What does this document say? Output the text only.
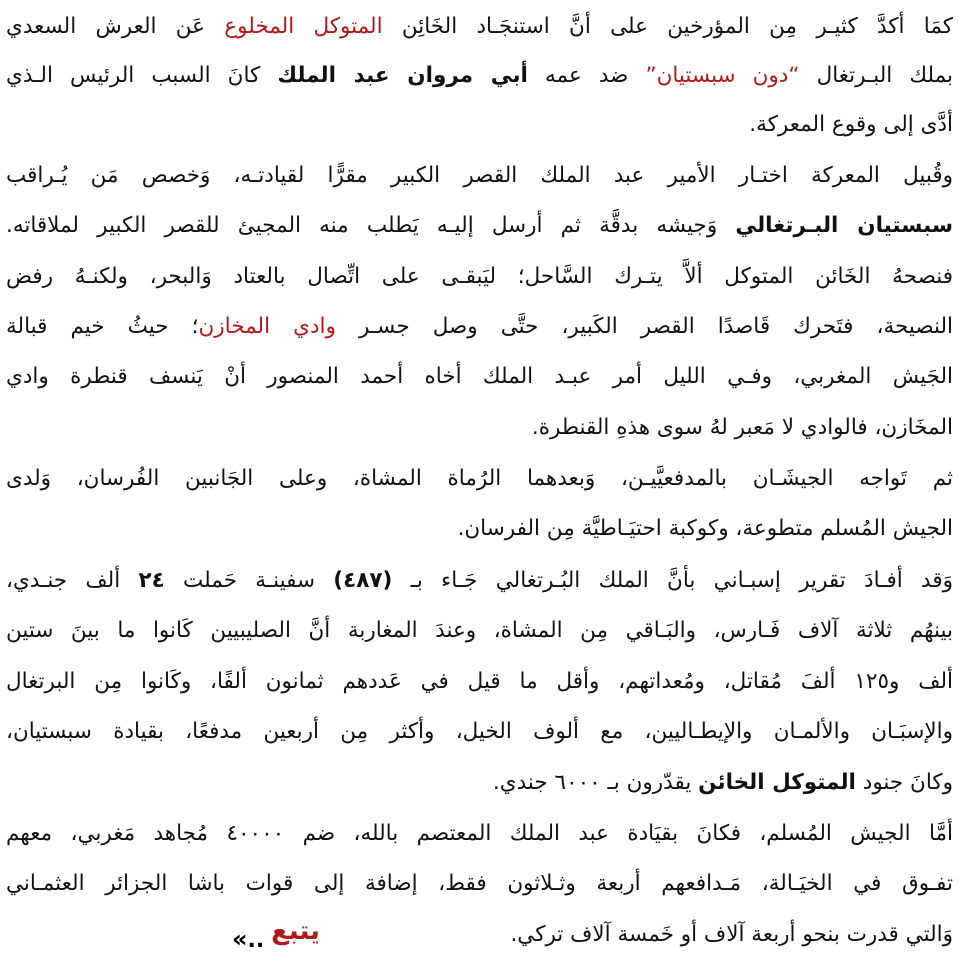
كمَا أكدَّ كثيـر مِن المؤرخين على أنَّ استنجَـاد الخَائِن المتوكل المخلوع عَن العرش السعدي
بملك البـرتغال “دون سبستيان” ضد عمه أبي مروان عبد الملك كانَ السبب الرئيس الـذي
أدَّى إلى وقوع المعركة.
وقُبيل المعركة اختـار الأمير عبد الملك القصر الكبير مقرًّا لقيادتـه، وَخصص مَن يُـراقب
سبستيان البـرتغالي وَجيشه بدقَّة ثم أرسل إليـه يَطلب منه المجيئ للقصر الكبير لملاقاته.
فنصحهُ الخَائن المتوكل ألاَّ يتـرك السَّاحل؛ ليَبقـى على اتِّصال بالعتاد وَالبحر، ولكنـهُ رفض
النصيحة، فتَحرك قَاصدًا القصر الكَبير، حتَّى وصل جسـر وادي المخازن؛ حيثُ خيم قبالة
الجَيش المغربي، وفـي الليل أمر عبـد الملك أخاه أحمد المنصور أنْ يَنسف قنطرة وادي
المخَازن، فالوادي لا مَعبر لهُ سوى هذهِ القنطرة.
ثم تَواجه الجيشَـان بالمدفعيَّيـن، وَبعدهما الرُماة المشاة، وعلى الجَانبين الفُرسان، وَلدى
الجيش المُسلم متطوعة، وكوكبة احتيَـاطيَّة مِن الفرسان.
وَقد أفـادَ تقرير إسبـاني بأنَّ الملك البُـرتغالي جَـاء بـ (٤٨٧) سفينـة حَملت ٢٤ ألف جنـدي،
بينهُم ثلاثة آلاف فَـارس، والبَـاقي مِن المشاة، وعندَ المغاربة أنَّ الصليبيين كَانوا ما بينَ ستين
ألف و١٢٥ ألفَ مُقاتل، ومُعداتهم، وأقل ما قيل في عَددهم ثمانون ألفًا، وكَانوا مِن البرتغال
والإسبَـان والألمـان والإيطـاليين، مع ألوف الخيل، وأكثر مِن أربعين مدفعًا، بقيادة سبستيان،
وكانَ جنود المتوكل الخائن يقدّرون بـ ٦٠٠٠ جندي.
أمَّا الجيش المُسلم، فكانَ بقيَادة عبد الملك المعتصم بالله، ضم ٤٠٠٠٠ مُجاهد مَغربي، معهم
تفـوق في الخيَـالة، مَـدافعهم أربعة وثـلاثون فقط، إضافة إلى قوات باشا الجزائر العثمـاني
وَالتي قدرت بنحو أربعة آلاف أو خَمسة آلاف تركي.
«.. يتبع
